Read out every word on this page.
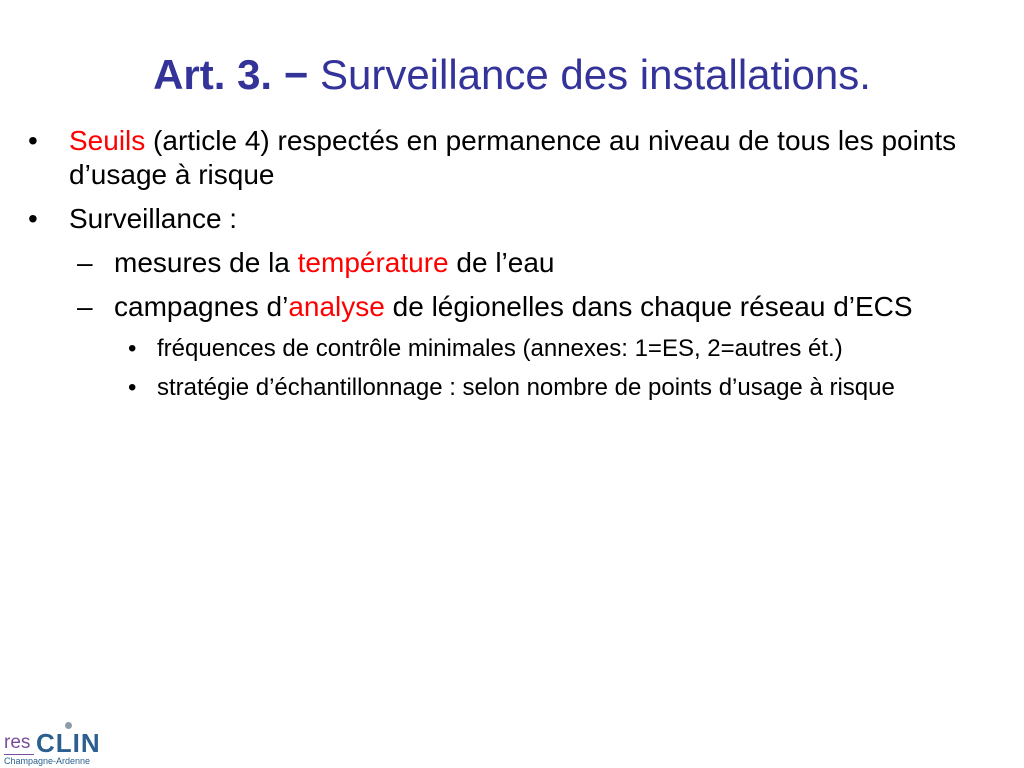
Art. 3. − Surveillance des installations.
• Seuils (article 4) respectés en permanence au niveau de tous les points d’usage à risque
• Surveillance :
– mesures de la température de l’eau
– campagnes d’analyse de légionelles dans chaque réseau d’ECS
• fréquences de contrôle minimales (annexes: 1=ES, 2=autres ét.)
• stratégie d’échantillonnage : selon nombre de points d’usage à risque
res CLIN
Champagne-Ardenne
